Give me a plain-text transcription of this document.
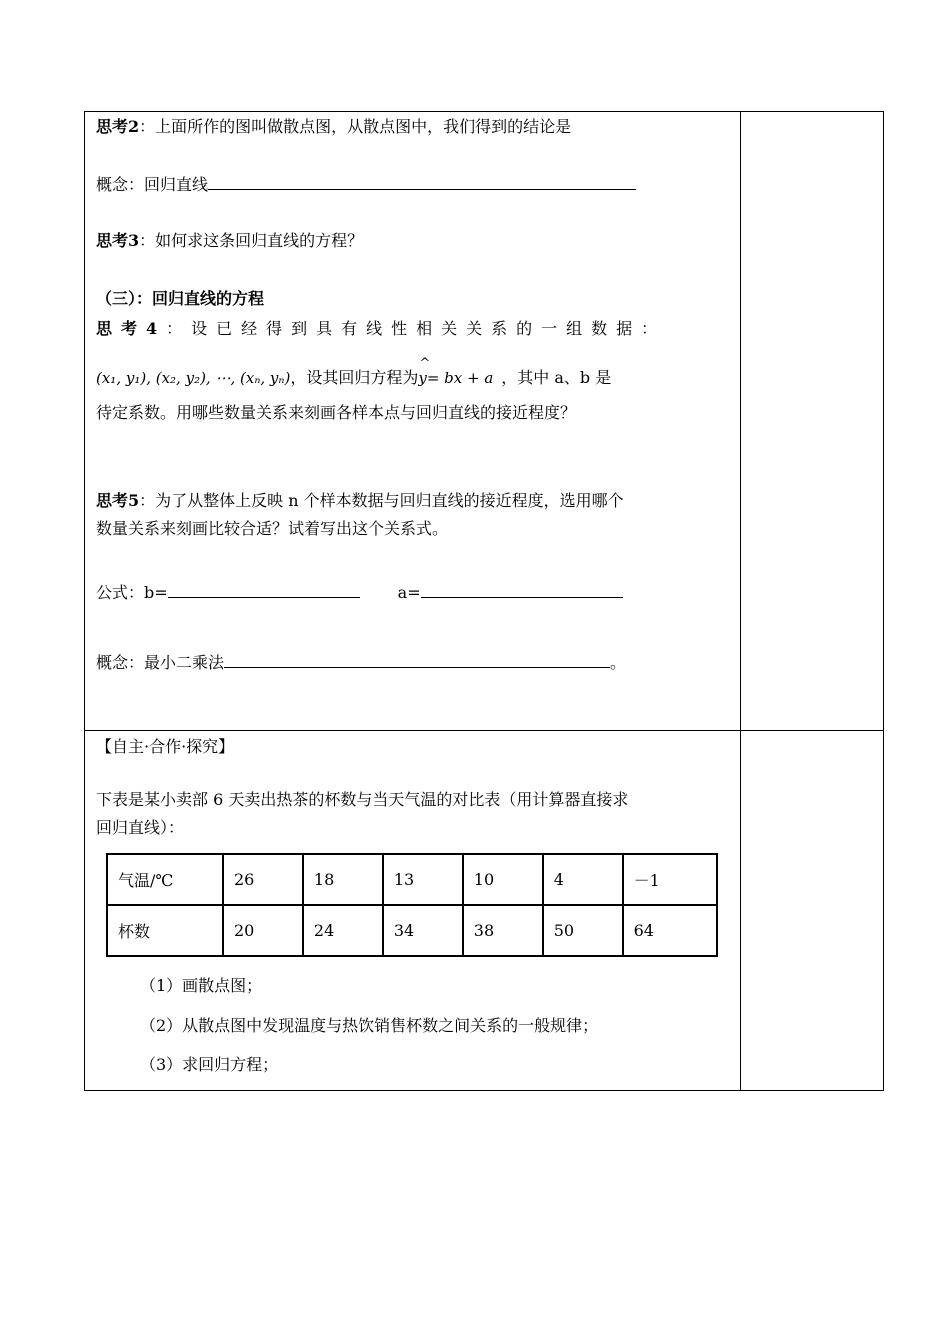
思考2：上面所作的图叫做散点图，从散点图中，我们得到的结论是
概念：回归直线
思考3：如何求这条回归直线的方程？
（三）：回归直线的方程
思考4：设已经得到具有线性相关关系的一组数据：
(x₁, y₁), (x₂, y₂), ⋯, (xₙ, yₙ)，设其回归方程为
^
y= bx + a ，其中 a、b 是
待定系数。用哪些数量关系来刻画各样本点与回归直线的接近程度？
思考5：为了从整体上反映 n 个样本数据与回归直线的接近程度，选用哪个
数量关系来刻画比较合适？试着写出这个关系式。
公式：b=	a=
概念：最小二乘法	。
【自主·合作·探究】
下表是某小卖部 6 天卖出热茶的杯数与当天气温的对比表（用计算器直接求
回归直线）：
气温/℃	26	18	13	10	4	－1
杯数	20	24	34	38	50	64
（1）画散点图；
（2）从散点图中发现温度与热饮销售杯数之间关系的一般规律；
（3）求回归方程；
